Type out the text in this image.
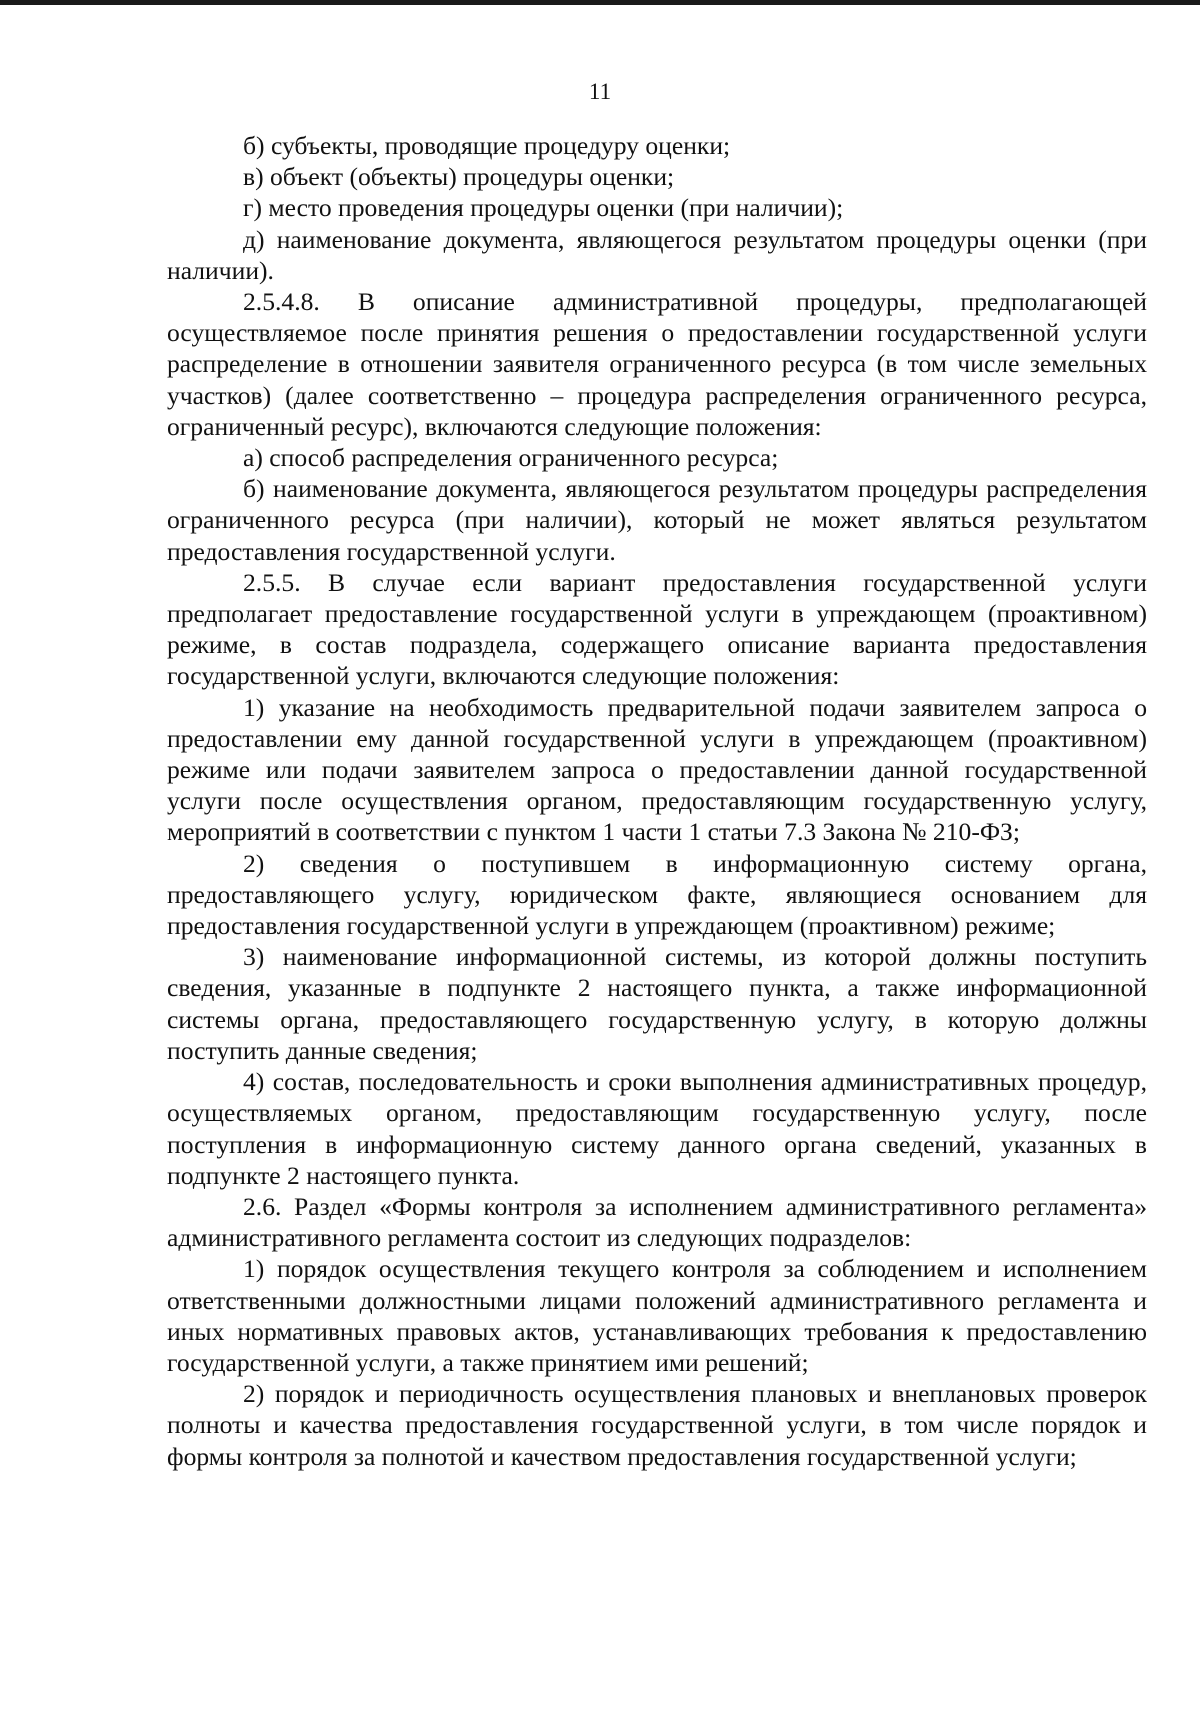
11

б) субъекты, проводящие процедуру оценки;

в) объект (объекты) процедуры оценки;

г) место проведения процедуры оценки (при наличии);

д) наименование документа, являющегося результатом процедуры оценки (при наличии).

2.5.4.8. В описание административной процедуры, предполагающей осуществляемое после принятия решения о предоставлении государственной услуги распределение в отношении заявителя ограниченного ресурса (в том числе земельных участков) (далее соответственно – процедура распределения ограниченного ресурса, ограниченный ресурс), включаются следующие положения:

а) способ распределения ограниченного ресурса;

б) наименование документа, являющегося результатом процедуры распределения ограниченного ресурса (при наличии), который не может являться результатом предоставления государственной услуги.

2.5.5. В случае если вариант предоставления государственной услуги предполагает предоставление государственной услуги в упреждающем (проактивном) режиме, в состав подраздела, содержащего описание варианта предоставления государственной услуги, включаются следующие положения:

1) указание на необходимость предварительной подачи заявителем запроса о предоставлении ему данной государственной услуги в упреждающем (проактивном) режиме или подачи заявителем запроса о предоставлении данной государственной услуги после осуществления органом, предоставляющим государственную услугу, мероприятий в соответствии с пунктом 1 части 1 статьи 7.3 Закона № 210-ФЗ;

2) сведения о поступившем в информационную систему органа, предоставляющего услугу, юридическом факте, являющиеся основанием для предоставления государственной услуги в упреждающем (проактивном) режиме;

3) наименование информационной системы, из которой должны поступить сведения, указанные в подпункте 2 настоящего пункта, а также информационной системы органа, предоставляющего государственную услугу, в которую должны поступить данные сведения;

4) состав, последовательность и сроки выполнения административных процедур, осуществляемых органом, предоставляющим государственную услугу, после поступления в информационную систему данного органа сведений, указанных в подпункте 2 настоящего пункта.

2.6. Раздел «Формы контроля за исполнением административного регламента» административного регламента состоит из следующих подразделов:

1) порядок осуществления текущего контроля за соблюдением и исполнением ответственными должностными лицами положений административного регламента и иных нормативных правовых актов, устанавливающих требования к предоставлению государственной услуги, а также принятием ими решений;

2) порядок и периодичность осуществления плановых и внеплановых проверок полноты и качества предоставления государственной услуги, в том числе порядок и формы контроля за полнотой и качеством предоставления государственной услуги;
